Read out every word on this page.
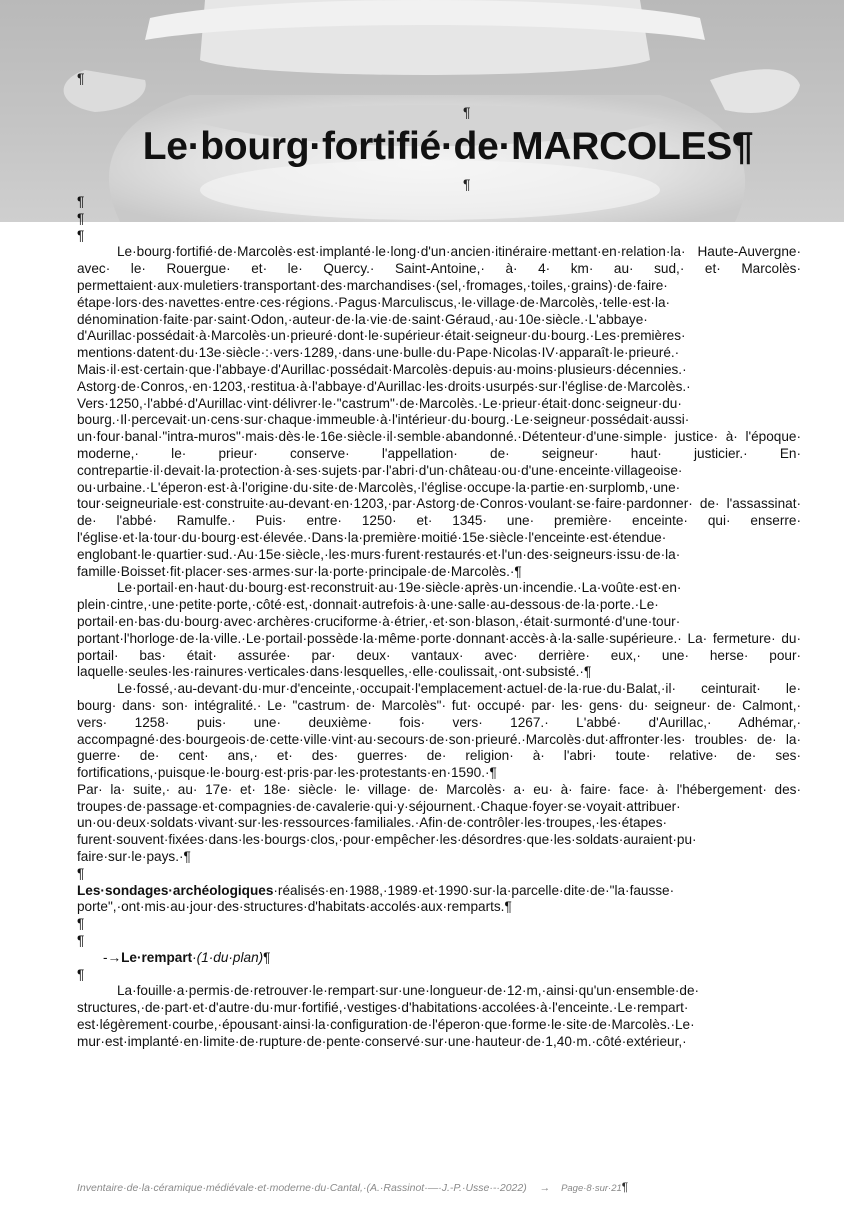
¶
¶
Le·bourg·fortifié·de·MARCOLES¶
¶

¶

¶

¶

Le·bourg·fortifié·de·Marcolès·est·implanté·le·long·d'un·ancien·itinéraire·mettant·en·relation·la· Haute-Auvergne· avec· le· Rouergue· et· le· Quercy.· Saint-Antoine,· à· 4· km· au· sud,· et· Marcolès· permettaient·aux·muletiers·transportant·des·marchandises·(sel,·fromages,·toiles,·grains)·de·faire· étape·lors·des·navettes·entre·ces·régions.·Pagus·Marculiscus,·le·village·de·Marcolès,·telle·est·la· dénomination·faite·par·saint·Odon,·auteur·de·la·vie·de·saint·Géraud,·au·10e·siècle.·L'abbaye· d'Aurillac·possédait·à·Marcolès·un·prieuré·dont·le·supérieur·était·seigneur·du·bourg.·Les·premières· mentions·datent·du·13e·siècle·:·vers·1289,·dans·une·bulle·du·Pape·Nicolas·IV·apparaît·le·prieuré.· Mais·il·est·certain·que·l'abbaye·d'Aurillac·possédait·Marcolès·depuis·au·moins·plusieurs·décennies.· Astorg·de·Conros,·en·1203,·restitua·à·l'abbaye·d'Aurillac·les·droits·usurpés·sur·l'église·de·Marcolès.· Vers·1250,·l'abbé·d'Aurillac·vint·délivrer·le·"castrum"·de·Marcolès.·Le·prieur·était·donc·seigneur·du· bourg.·Il·percevait·un·cens·sur·chaque·immeuble·à·l'intérieur·du·bourg.·Le·seigneur·possédait·aussi· un·four·banal·"intra-muros"·mais·dès·le·16e·siècle·il·semble·abandonné.·Détenteur·d'une·simple· justice· à· l'époque· moderne,· le· prieur· conserve· l'appellation· de· seigneur· haut· justicier.· En· contrepartie·il·devait·la·protection·à·ses·sujets·par·l'abri·d'un·château·ou·d'une·enceinte·villageoise· ou·urbaine.·L'éperon·est·à·l'origine·du·site·de·Marcolès,·l'église·occupe·la·partie·en·surplomb,·une· tour·seigneuriale·est·construite·au-devant·en·1203,·par·Astorg·de·Conros·voulant·se·faire·pardonner· de· l'assassinat· de· l'abbé· Ramulfe.· Puis· entre· 1250· et· 1345· une· première· enceinte· qui· enserre· l'église·et·la·tour·du·bourg·est·élevée.·Dans·la·première·moitié·15e·siècle·l'enceinte·est·étendue· englobant·le·quartier·sud.·Au·15e·siècle,·les·murs·furent·restaurés·et·l'un·des·seigneurs·issu·de·la· famille·Boisset·fit·placer·ses·armes·sur·la·porte·principale·de·Marcolès.·¶

Le·portail·en·haut·du·bourg·est·reconstruit·au·19e·siècle·après·un·incendie.·La·voûte·est·en· plein·cintre,·une·petite·porte,·côté·est,·donnait·autrefois·à·une·salle·au-dessous·de·la·porte.·Le· portail·en·bas·du·bourg·avec·archères·cruciforme·à·étrier,·et·son·blason,·était·surmonté·d'une·tour· portant·l'horloge·de·la·ville.·Le·portail·possède·la·même·porte·donnant·accès·à·la·salle·supérieure.· La· fermeture· du· portail· bas· était· assurée· par· deux· vantaux· avec· derrière· eux,· une· herse· pour· laquelle·seules·les·rainures·verticales·dans·lesquelles,·elle·coulissait,·ont·subsisté.·¶

Le·fossé,·au-devant·du·mur·d'enceinte,·occupait·l'emplacement·actuel·de·la·rue·du·Balat,·il· ceinturait· le· bourg· dans· son· intégralité.· Le· "castrum· de· Marcolès"· fut· occupé· par· les· gens· du· seigneur· de· Calmont,· vers· 1258· puis· une· deuxième· fois· vers· 1267.· L'abbé· d'Aurillac,· Adhémar,· accompagné·des·bourgeois·de·cette·ville·vint·au·secours·de·son·prieuré.·Marcolès·dut·affronter·les· troubles· de· la· guerre· de· cent· ans,· et· des· guerres· de· religion· à· l'abri· toute· relative· de· ses· fortifications,·puisque·le·bourg·est·pris·par·les·protestants·en·1590.·¶

Par· la· suite,· au· 17e· et· 18e· siècle· le· village· de· Marcolès· a· eu· à· faire· face· à· l'hébergement· des· troupes·de·passage·et·compagnies·de·cavalerie·qui·y·séjournent.·Chaque·foyer·se·voyait·attribuer· un·ou·deux·soldats·vivant·sur·les·ressources·familiales.·Afin·de·contrôler·les·troupes,·les·étapes· furent·souvent·fixées·dans·les·bourgs·clos,·pour·empêcher·les·désordres·que·les·soldats·auraient·pu· faire·sur·le·pays.·¶

¶

Les·sondages·archéologiques·réalisés·en·1988,·1989·et·1990·sur·la·parcelle·dite·de·"la·fausse· porte",·ont·mis·au·jour·des·structures·d'habitats·accolés·aux·remparts.¶

¶

¶

-→Le·rempart·(1·du·plan)¶

¶

La·fouille·a·permis·de·retrouver·le·rempart·sur·une·longueur·de·12·m,·ainsi·qu'un·ensemble·de· structures,·de·part·et·d'autre·du·mur·fortifié,·vestiges·d'habitations·accolées·à·l'enceinte.·Le·rempart· est·légèrement·courbe,·épousant·ainsi·la·configuration·de·l'éperon·que·forme·le·site·de·Marcolès.·Le· mur·est·implanté·en·limite·de·rupture·de·pente·conservé·sur·une·hauteur·de·1,40·m.·côté·extérieur,·

Inventaire·de·la·céramique·médiévale·et·moderne·du·Cantal,·(A.·Rassinot·—·J.-P.·Usse·-·2022) → Page·8·sur·21¶
